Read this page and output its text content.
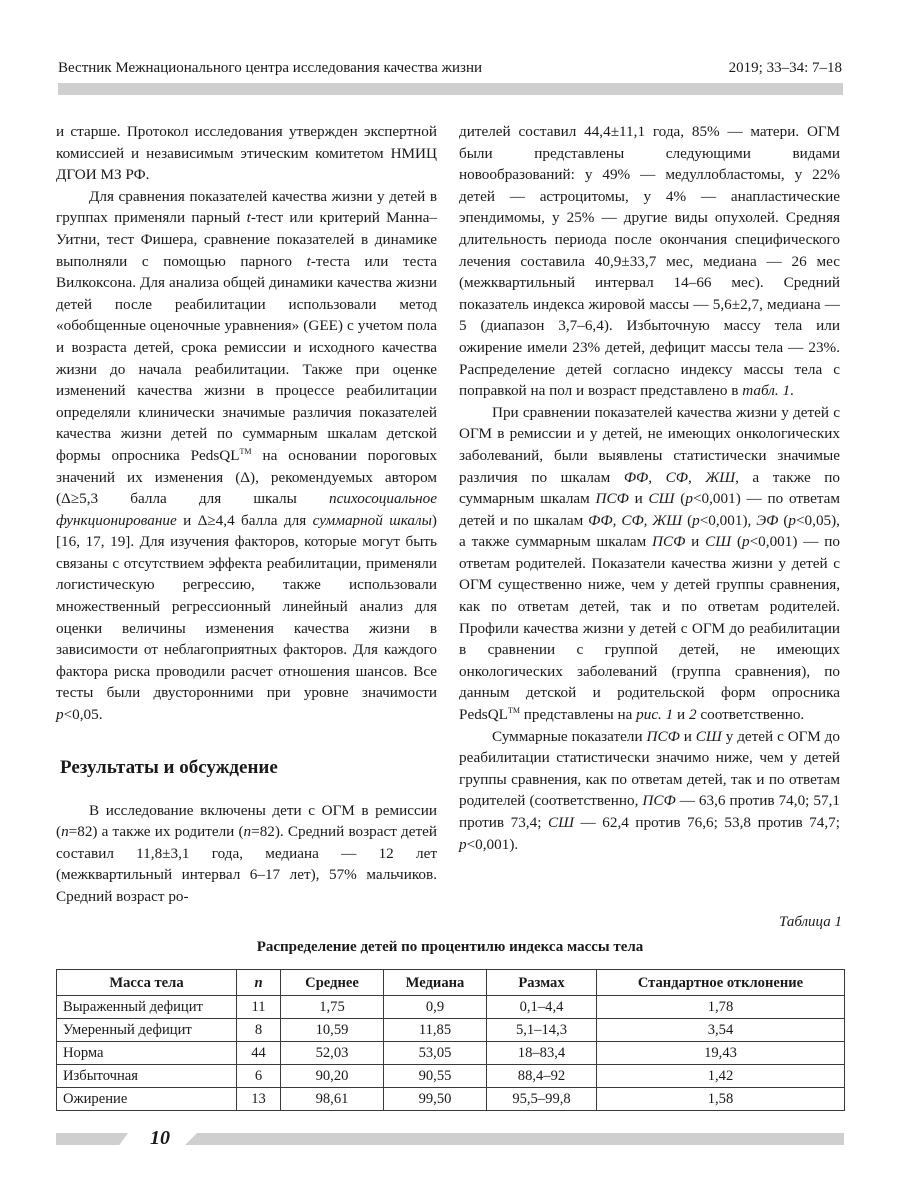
Вестник Межнационального центра исследования качества жизни	2019; 33–34: 7–18

и старше. Протокол исследования утвержден экспертной комиссией и независимым этическим комитетом НМИЦ ДГОИ МЗ РФ.

Для сравнения показателей качества жизни у детей в группах применяли парный t-тест или критерий Манна–Уитни, тест Фишера, сравнение показателей в динамике выполняли с помощью парного t-теста или теста Вилкоксона. Для анализа общей динамики качества жизни детей после реабилитации использовали метод «обобщенные оценочные уравнения» (GEE) с учетом пола и возраста детей, срока ремиссии и исходного качества жизни до начала реабилитации. Также при оценке изменений качества жизни в процессе реабилитации определяли клинически значимые различия показателей качества жизни детей по суммарным шкалам детской формы опросника PedsQL™ на основании пороговых значений их изменения (Δ), рекомендуемых автором (Δ≥5,3 балла для шкалы психосоциальное функционирование и Δ≥4,4 балла для суммарной шкалы) [16, 17, 19]. Для изучения факторов, которые могут быть связаны с отсутствием эффекта реабилитации, применяли логистическую регрессию, также использовали множественный регрессионный линейный анализ для оценки величины изменения качества жизни в зависимости от неблагоприятных факторов. Для каждого фактора риска проводили расчет отношения шансов. Все тесты были двусторонними при уровне значимости p<0,05.

Результаты и обсуждение

В исследование включены дети с ОГМ в ремиссии (n=82) а также их родители (n=82). Средний возраст детей составил 11,8±3,1 года, медиана — 12 лет (межквартильный интервал 6–17 лет), 57% мальчиков. Средний возраст ро-

дителей составил 44,4±11,1 года, 85% — матери. ОГМ были представлены следующими видами новообразований: у 49% — медуллобластомы, у 22% детей — астроцитомы, у 4% — анапластические эпендимомы, у 25% — другие виды опухолей. Средняя длительность периода после окончания специфического лечения составила 40,9±33,7 мес, медиана — 26 мес (межквартильный интервал 14–66 мес). Средний показатель индекса жировой массы — 5,6±2,7, медиана — 5 (диапазон 3,7–6,4). Избыточную массу тела или ожирение имели 23% детей, дефицит массы тела — 23%. Распределение детей согласно индексу массы тела с поправкой на пол и возраст представлено в табл. 1.

При сравнении показателей качества жизни у детей с ОГМ в ремиссии и у детей, не имеющих онкологических заболеваний, были выявлены статистически значимые различия по шкалам ФФ, СФ, ЖШ, а также по суммарным шкалам ПСФ и СШ (p<0,001) — по ответам детей и по шкалам ФФ, СФ, ЖШ (p<0,001), ЭФ (p<0,05), а также суммарным шкалам ПСФ и СШ (p<0,001) — по ответам родителей. Показатели качества жизни у детей с ОГМ существенно ниже, чем у детей группы сравнения, как по ответам детей, так и по ответам родителей. Профили качества жизни у детей с ОГМ до реабилитации в сравнении с группой детей, не имеющих онкологических заболеваний (группа сравнения), по данным детской и родительской форм опросника PedsQL™ представлены на рис. 1 и 2 соответственно.

Суммарные показатели ПСФ и СШ у детей с ОГМ до реабилитации статистически значимо ниже, чем у детей группы сравнения, как по ответам детей, так и по ответам родителей (соответственно, ПСФ — 63,6 против 74,0; 57,1 против 73,4; СШ — 62,4 против 76,6; 53,8 против 74,7; p<0,001).

Таблица 1
Распределение детей по процентилю индекса массы тела
Масса тела	n	Среднее	Медиана	Размах	Стандартное отклонение
Выраженный дефицит	11	1,75	0,9	0,1–4,4	1,78
Умеренный дефицит	8	10,59	11,85	5,1–14,3	3,54
Норма	44	52,03	53,05	18–83,4	19,43
Избыточная	6	90,20	90,55	88,4–92	1,42
Ожирение	13	98,61	99,50	95,5–99,8	1,58
10
